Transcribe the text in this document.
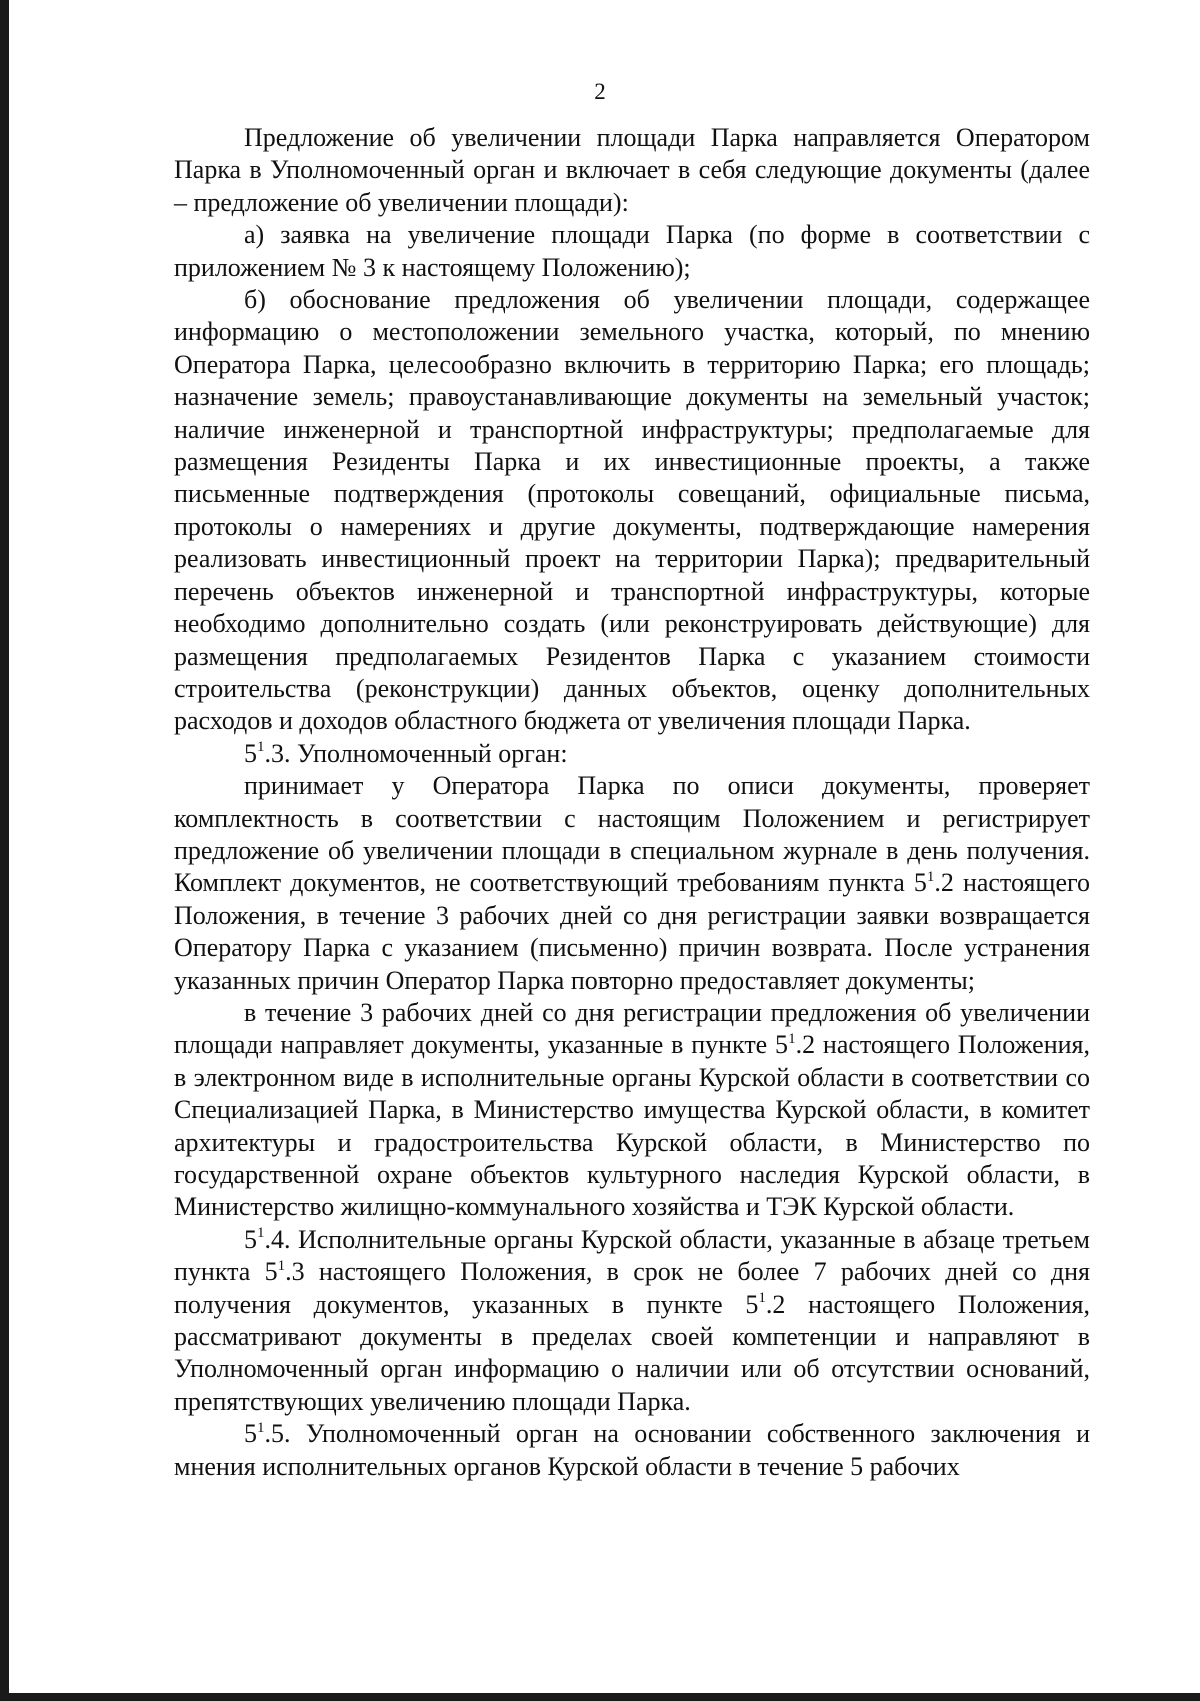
2

Предложение об увеличении площади Парка направляется Оператором Парка в Уполномоченный орган и включает в себя следующие документы (далее – предложение об увеличении площади):

а) заявка на увеличение площади Парка (по форме в соответствии с приложением № 3 к настоящему Положению);

б) обоснование предложения об увеличении площади, содержащее информацию о местоположении земельного участка, который, по мнению Оператора Парка, целесообразно включить в территорию Парка; его площадь; назначение земель; правоустанавливающие документы на земельный участок; наличие инженерной и транспортной инфраструктуры; предполагаемые для размещения Резиденты Парка и их инвестиционные проекты, а также письменные подтверждения (протоколы совещаний, официальные письма, протоколы о намерениях и другие документы, подтверждающие намерения реализовать инвестиционный проект на территории Парка); предварительный перечень объектов инженерной и транспортной инфраструктуры, которые необходимо дополнительно создать (или реконструировать действующие) для размещения предполагаемых Резидентов Парка с указанием стоимости строительства (реконструкции) данных объектов, оценку дополнительных расходов и доходов областного бюджета от увеличения площади Парка.

$5^1.3$. Уполномоченный орган:

принимает у Оператора Парка по описи документы, проверяет комплектность в соответствии с настоящим Положением и регистрирует предложение об увеличении площади в специальном журнале в день получения. Комплект документов, не соответствующий требованиям пункта $5^1.2$ настоящего Положения, в течение 3 рабочих дней со дня регистрации заявки возвращается Оператору Парка с указанием (письменно) причин возврата. После устранения указанных причин Оператор Парка повторно предоставляет документы;

в течение 3 рабочих дней со дня регистрации предложения об увеличении площади направляет документы, указанные в пункте $5^1.2$ настоящего Положения, в электронном виде в исполнительные органы Курской области в соответствии со Специализацией Парка, в Министерство имущества Курской области, в комитет архитектуры и градостроительства Курской области, в Министерство по государственной охране объектов культурного наследия Курской области, в Министерство жилищно-коммунального хозяйства и ТЭК Курской области.

$5^1.4$. Исполнительные органы Курской области, указанные в абзаце третьем пункта $5^1.3$ настоящего Положения, в срок не более 7 рабочих дней со дня получения документов, указанных в пункте $5^1.2$ настоящего Положения, рассматривают документы в пределах своей компетенции и направляют в Уполномоченный орган информацию о наличии или об отсутствии оснований, препятствующих увеличению площади Парка.

$5^1.5$. Уполномоченный орган на основании собственного заключения и мнения исполнительных органов Курской области в течение 5 рабочих
